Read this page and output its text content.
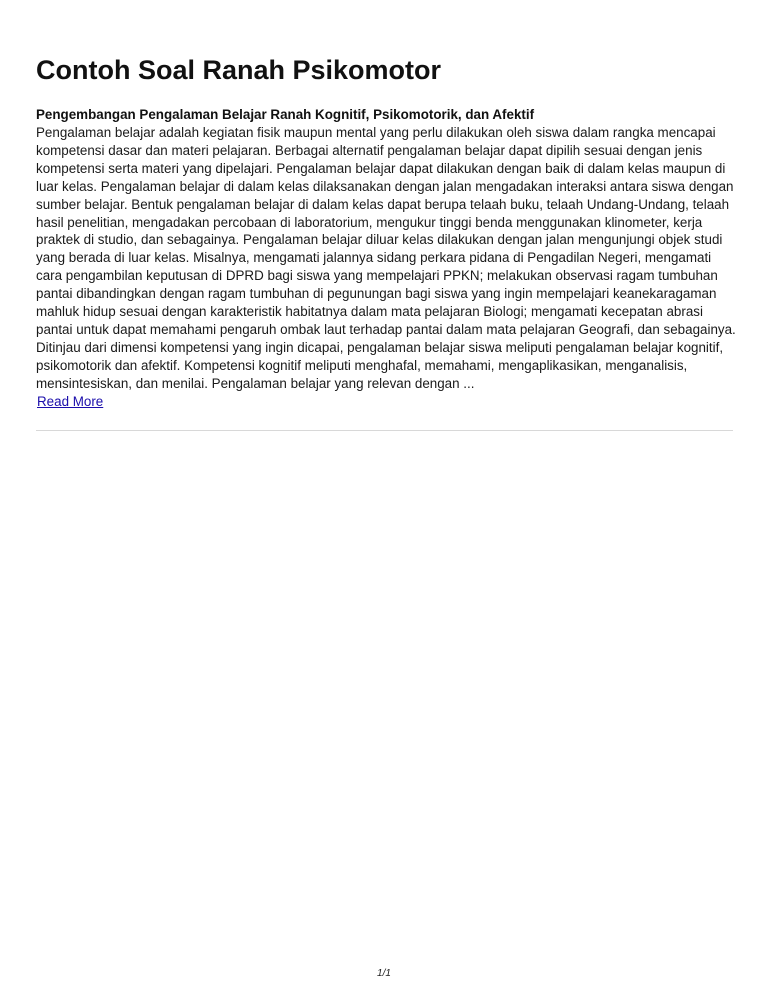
Contoh Soal Ranah Psikomotor

Pengembangan Pengalaman Belajar Ranah Kognitif, Psikomotorik, dan Afektif

Pengalaman belajar adalah kegiatan fisik maupun mental yang perlu dilakukan oleh siswa dalam rangka mencapai kompetensi dasar dan materi pelajaran. Berbagai alternatif pengalaman belajar dapat dipilih sesuai dengan jenis kompetensi serta materi yang dipelajari. Pengalaman belajar dapat dilakukan dengan baik di dalam kelas maupun di luar kelas. Pengalaman belajar di dalam kelas dilaksanakan dengan jalan mengadakan interaksi antara siswa dengan sumber belajar. Bentuk pengalaman belajar di dalam kelas dapat berupa telaah buku, telaah Undang-Undang, telaah hasil penelitian, mengadakan percobaan di laboratorium, mengukur tinggi benda menggunakan klinometer, kerja praktek di studio, dan sebagainya. Pengalaman belajar diluar kelas dilakukan dengan jalan mengunjungi objek studi yang berada di luar kelas. Misalnya, mengamati jalannya sidang perkara pidana di Pengadilan Negeri, mengamati cara pengambilan keputusan di DPRD bagi siswa yang mempelajari PPKN; melakukan observasi ragam tumbuhan pantai dibandingkan dengan ragam tumbuhan di pegunungan bagi siswa yang ingin mempelajari keanekaragaman mahluk hidup sesuai dengan karakteristik habitatnya dalam mata pelajaran Biologi; mengamati kecepatan abrasi pantai untuk dapat memahami pengaruh ombak laut terhadap pantai dalam mata pelajaran Geografi, dan sebagainya. Ditinjau dari dimensi kompetensi yang ingin dicapai, pengalaman belajar siswa meliputi pengalaman belajar kognitif, psikomotorik dan afektif. Kompetensi kognitif meliputi menghafal, memahami, mengaplikasikan, menganalisis, mensintesiskan, dan menilai. Pengalaman belajar yang relevan dengan ...

Read More
1/1
